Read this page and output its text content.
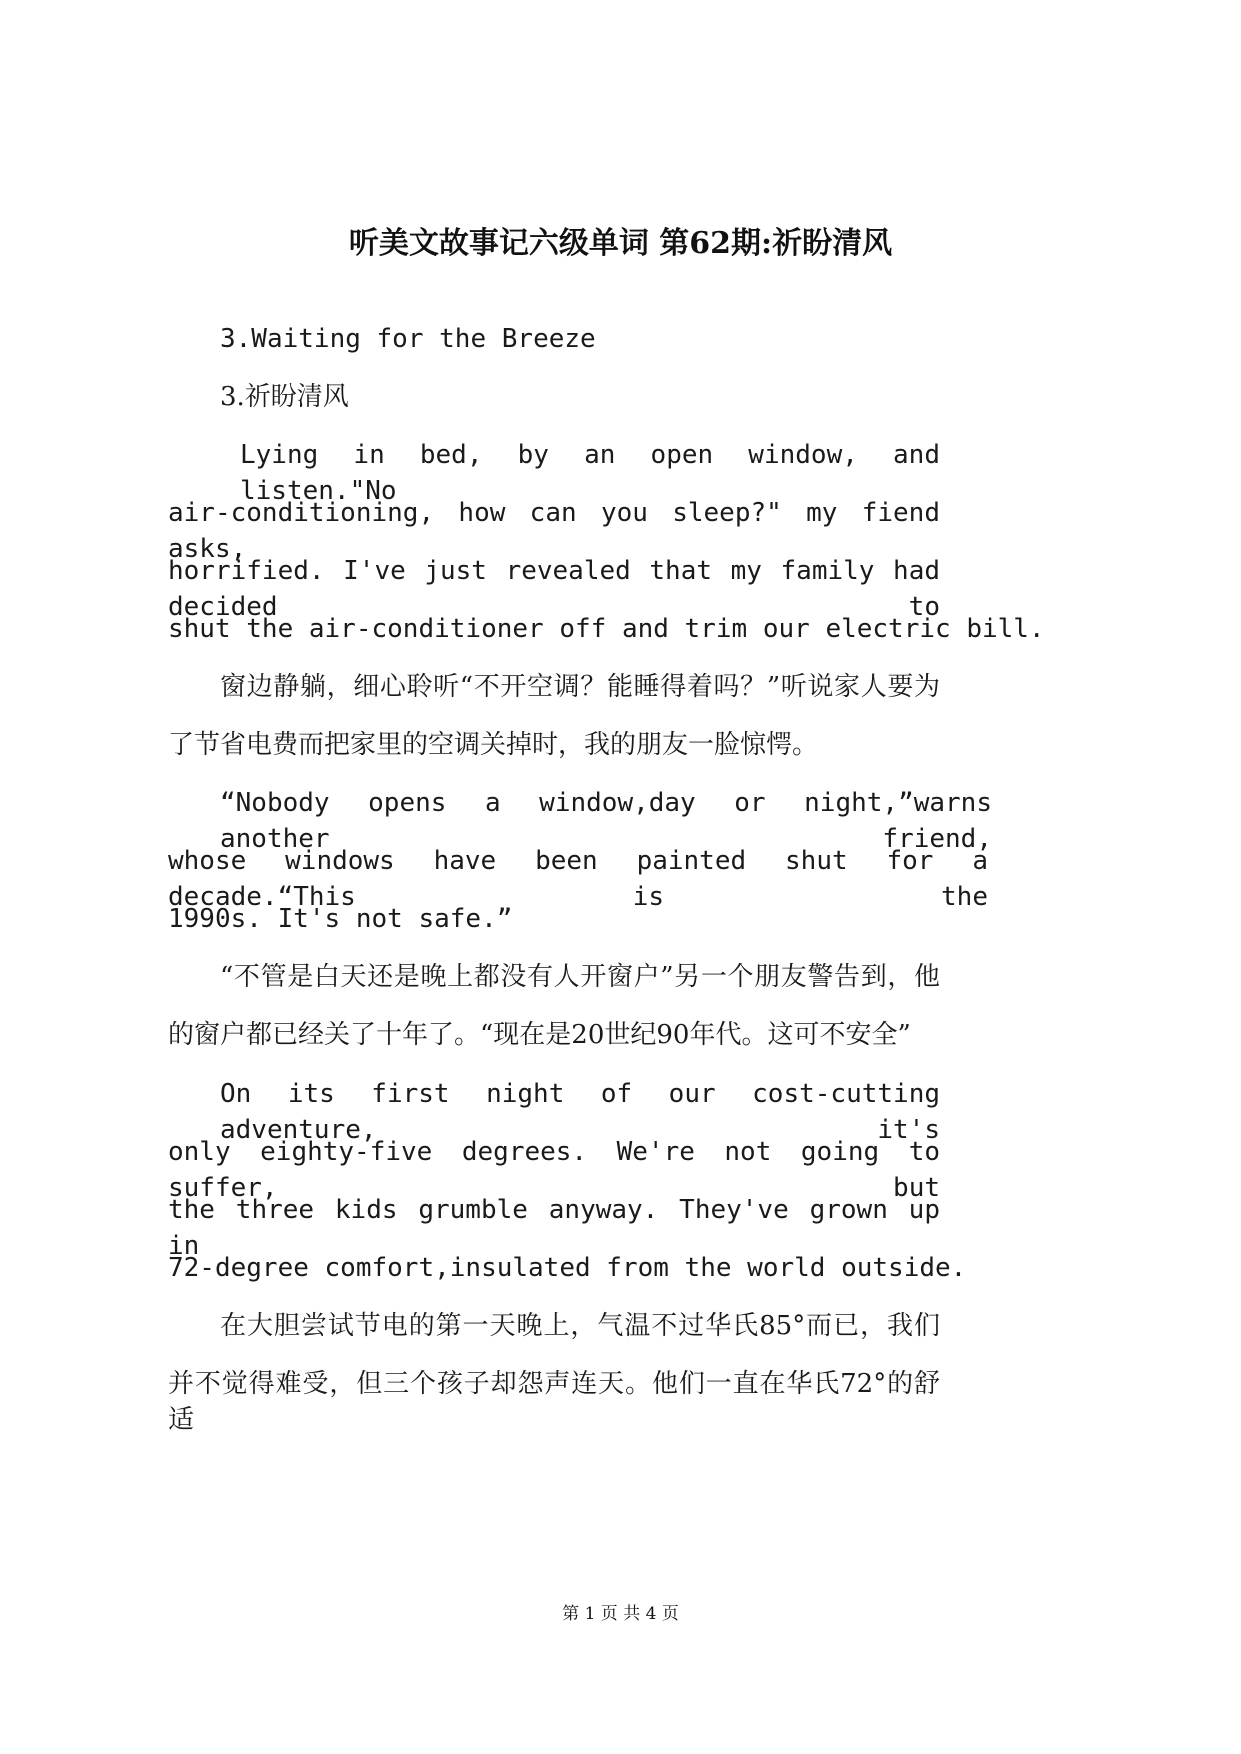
听美文故事记六级单词 第62期:祈盼清风
3.Waiting for the Breeze
3.祈盼清风
Lying in bed, by an open window, and listen."No
air-conditioning, how can you sleep?" my fiend asks,
horrified. I've just revealed that my family had decided to
shut the air-conditioner off and trim our electric bill.
窗边静躺，细心聆听“不开空调？能睡得着吗？”听说家人要为
了节省电费而把家里的空调关掉时，我的朋友一脸惊愕。
“Nobody opens a window,day or night,”warns another friend,
whose windows have been painted shut for a decade.“This is the
1990s. It's not safe.”
“不管是白天还是晚上都没有人开窗户”另一个朋友警告到，他
的窗户都已经关了十年了。“现在是20世纪90年代。这可不安全”
On its first night of our cost-cutting adventure, it's
only eighty-five degrees. We're not going to suffer, but
the three kids grumble anyway. They've grown up in
72-degree comfort,insulated from the world outside.
在大胆尝试节电的第一天晚上，气温不过华氏85°而已，我们
并不觉得难受，但三个孩子却怨声连天。他们一直在华氏72°的舒适
第 1 页 共 4 页
